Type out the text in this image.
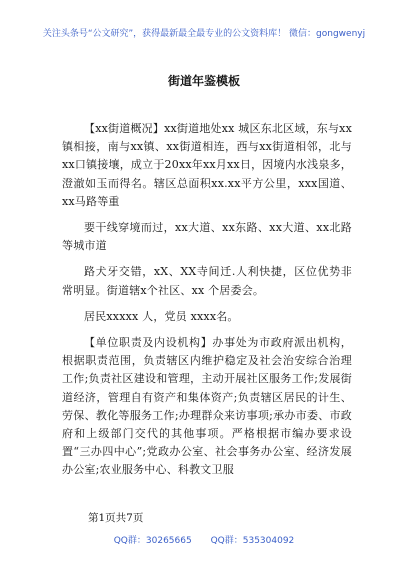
关注头条号“公文研究”，获得最新最全最专业的公文资料库！ 微信：gongwenyj
街道年鉴模板

【xx街道概况】xx街道地处xx 城区东北区域，东与xx镇相接，南与xx镇、xx街道相连，西与xx街道相邻，北与xx口镇接壤，成立于20xx年xx月xx日，因境内水浅泉多，澄澈如玉而得名。辖区总面积xx.xx平方公里，xxx国道、xx马路等重

要干线穿境而过，xx大道、xx东路、xx大道、xx北路等城市道

路犬牙交错，xX、XX寺间迁.人利快捷，区位优势非常明显。街道辖x个社区、xx 个居委会。

居民xxxxx 人，党员 xxxx名。

【单位职责及内设机构】办事处为市政府派出机构，根据职责范围，负责辖区内维护稳定及社会治安综合治理工作;负责社区建设和管理，主动开展社区服务工作;发展街道经济，管理自有资产和集体资产;负责辖区居民的计生、劳保、教化等服务工作;办理群众来访事项;承办市委、市政府和上级部门交代的其他事项。严格根据市编办要求设置“三办四中心”;党政办公室、社会事务办公室、经济发展办公室;农业服务中心、科教文卫服

第1页共7页
QQ群：30265665 QQ群：535304092
